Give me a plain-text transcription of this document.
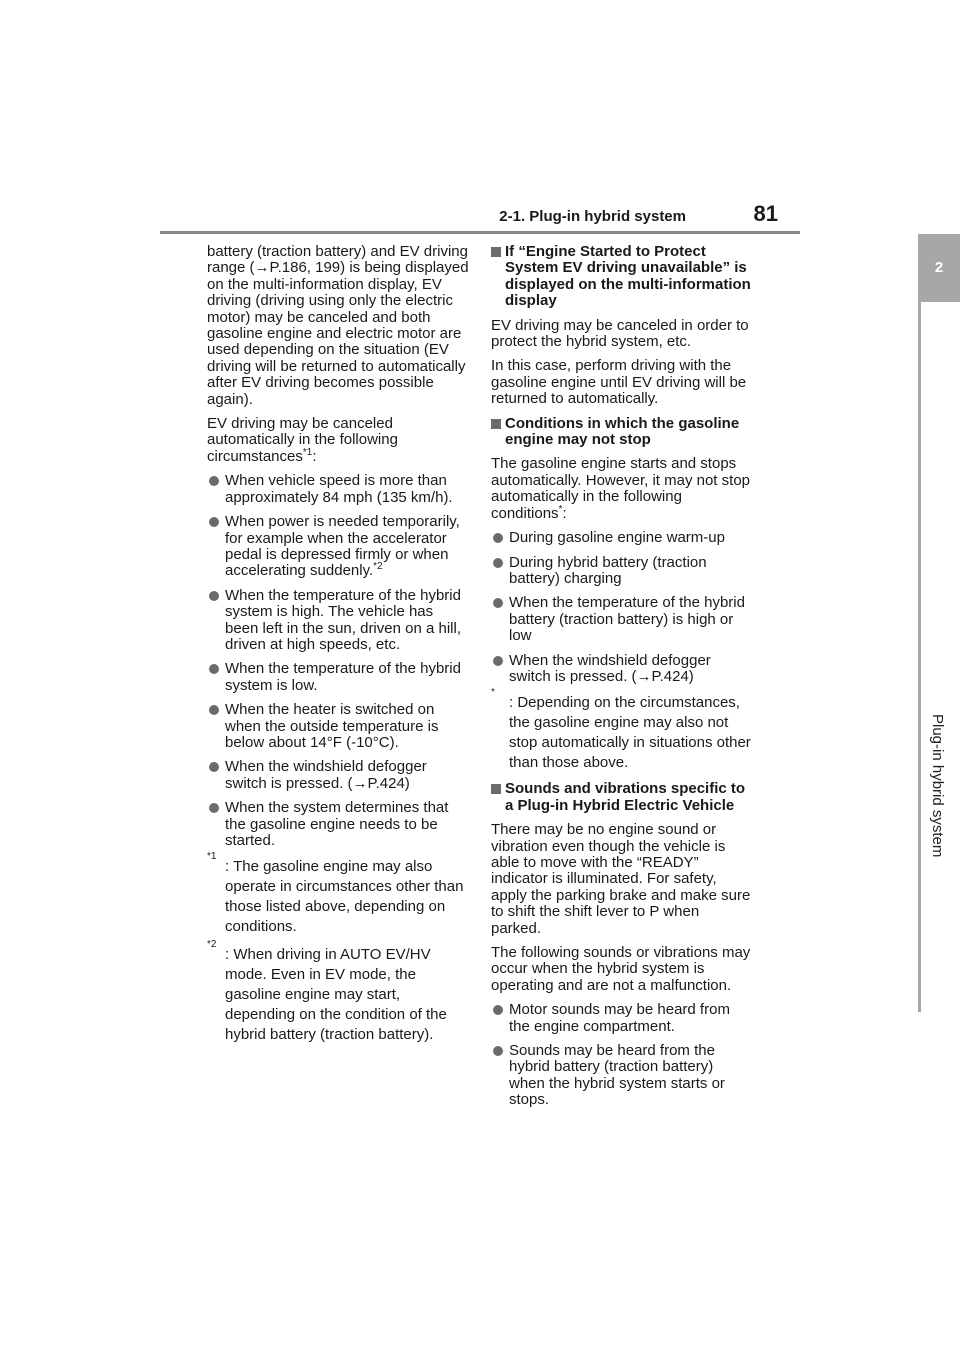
2-1. Plug-in hybrid system	81
2
Plug-in hybrid system

battery (traction battery) and EV driving range (→P.186, 199) is being displayed on the multi-information display, EV driving (driving using only the electric motor) may be canceled and both gasoline engine and electric motor are used depending on the situation (EV driving will be returned to automatically after EV driving becomes possible again).

EV driving may be canceled automatically in the following circumstances$^{*1}$:

When vehicle speed is more than approximately 84 mph (135 km/h).
When power is needed temporarily, for example when the accelerator pedal is depressed firmly or when accelerating suddenly.$^{*2}$
When the temperature of the hybrid system is high. The vehicle has been left in the sun, driven on a hill, driven at high speeds, etc.
When the temperature of the hybrid system is low.
When the heater is switched on when the outside temperature is below about 14°F (-10°C).
When the windshield defogger switch is pressed. (→P.424)
When the system determines that the gasoline engine needs to be started.
*1
: The gasoline engine may also operate in circumstances other than those listed above, depending on conditions.
*2
: When driving in AUTO EV/HV mode. Even in EV mode, the gasoline engine may start, depending on the condition of the hybrid battery (traction battery).
If “Engine Started to Protect System EV driving unavailable” is displayed on the multi-information display

EV driving may be canceled in order to protect the hybrid system, etc.

In this case, perform driving with the gasoline engine until EV driving will be returned to automatically.

Conditions in which the gasoline engine may not stop

The gasoline engine starts and stops automatically. However, it may not stop automatically in the following conditions*:

During gasoline engine warm-up
During hybrid battery (traction battery) charging
When the temperature of the hybrid battery (traction battery) is high or low
When the windshield defogger switch is pressed. (→P.424)
*
: Depending on the circumstances, the gasoline engine may also not stop automatically in situations other than those above.
Sounds and vibrations specific to a Plug-in Hybrid Electric Vehicle

There may be no engine sound or vibration even though the vehicle is able to move with the “READY” indicator is illuminated. For safety, apply the parking brake and make sure to shift the shift lever to P when parked.

The following sounds or vibrations may occur when the hybrid system is operating and are not a malfunction.

Motor sounds may be heard from the engine compartment.
Sounds may be heard from the hybrid battery (traction battery) when the hybrid system starts or stops.
